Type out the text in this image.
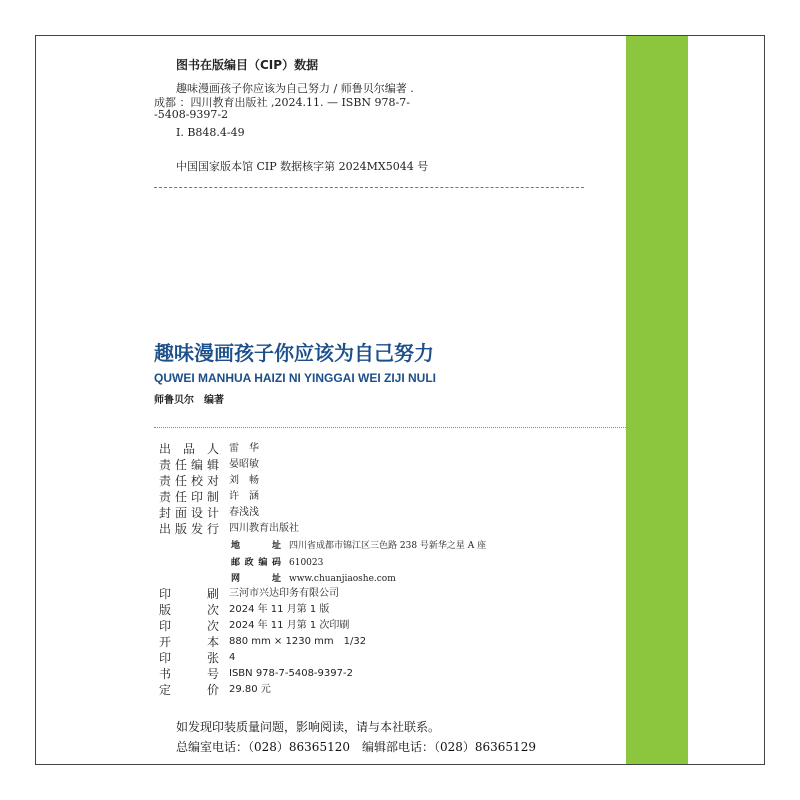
图书在版编目（CIP）数据
趣味漫画孩子你应该为自己努力 / 师鲁贝尔编著 .
成都 ：四川教育出版社 ,2024.11. — ISBN 978-7-
-5408-9397-2
I. B848.4-49
中国国家版本馆 CIP 数据核字第 2024MX5044 号
趣味漫画孩子你应该为自己努力
QUWEI MANHUA HAIZI NI YINGGAI WEI ZIJI NULI
师鲁贝尔　编著
出品人 雷　华
责任编辑 晏昭敏
责任校对 刘　畅
责任印制 许　涵
封面设计 春浅浅
出版发行 四川教育出版社
地址 四川省成都市锦江区三色路 238 号新华之星 A 座
邮政编码 610023
网址 www.chuanjiaoshe.com
印刷 三河市兴达印务有限公司
版次 2024 年 11 月第 1 版
印次 2024 年 11 月第 1 次印刷
开本 880 mm × 1230 mm　1/32
印张 4
书号 ISBN 978-7-5408-9397-2
定价 29.80 元
如发现印装质量问题，影响阅读，请与本社联系。
总编室电话：（028）86365120　编辑部电话：（028）86365129
